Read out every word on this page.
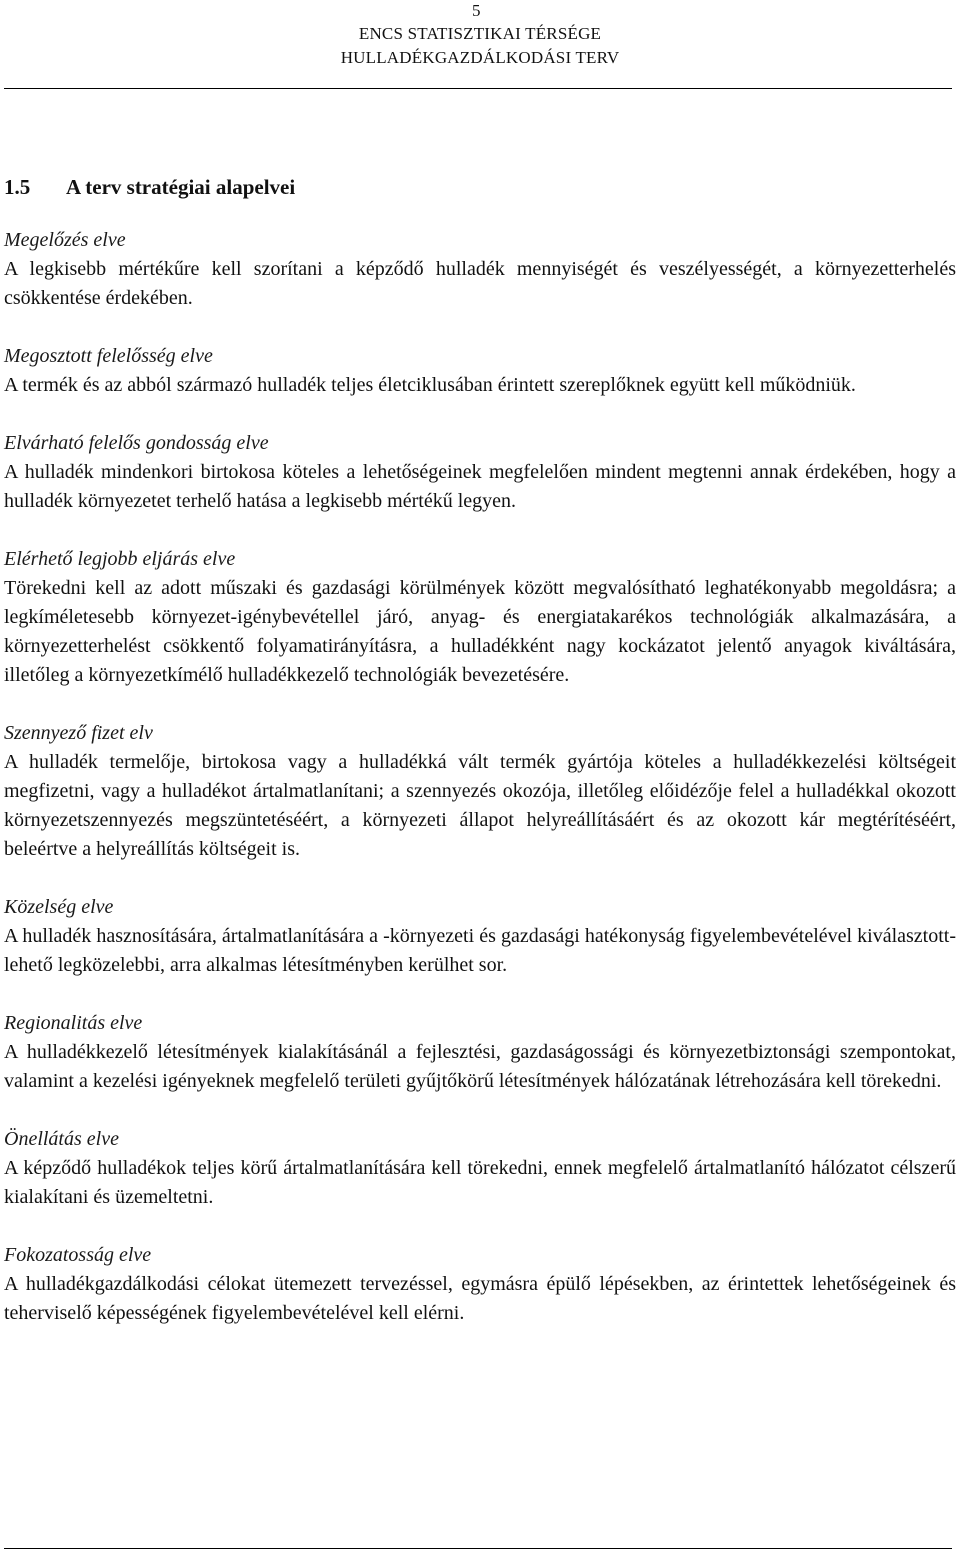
5
ENCS STATISZTIKAI TÉRSÉGE
HULLADÉKGAZDÁLKODÁSI TERV
1.5	A terv stratégiai alapelvei
Megelőzés elve
A legkisebb mértékűre kell szorítani a képződő hulladék mennyiségét és veszélyességét, a környezetterhelés csökkentése érdekében.
Megosztott felelősség elve
A termék és az abból származó hulladék teljes életciklusában érintett szereplőknek együtt kell működniük.
Elvárható felelős gondosság elve
A hulladék mindenkori birtokosa köteles a lehetőségeinek megfelelően mindent megtenni annak érdekében, hogy a hulladék környezetet terhelő hatása a legkisebb mértékű legyen.
Elérhető legjobb eljárás elve
Törekedni kell az adott műszaki és gazdasági körülmények között megvalósítható leghatékonyabb megoldásra; a legkíméletesebb környezet-igénybevétellel járó, anyag- és energiatakarékos technológiák alkalmazására, a környezetterhelést csökkentő folyamatirányításra, a hulladékként nagy kockázatot jelentő anyagok kiváltására, illetőleg a környezetkímélő hulladékkezelő technológiák bevezetésére.
Szennyező fizet elv
A hulladék termelője, birtokosa vagy a hulladékká vált termék gyártója köteles a hulladékkezelési költségeit megfizetni, vagy a hulladékot ártalmatlanítani; a szennyezés okozója, illetőleg előidézője felel a hulladékkal okozott környezetszennyezés megszüntetéséért, a környezeti állapot helyreállításáért és az okozott kár megtérítéséért, beleértve a helyreállítás költségeit is.
Közelség elve
A hulladék hasznosítására, ártalmatlanítására a -környezeti és gazdasági hatékonyság figyelembevételével kiválasztott- lehető legközelebbi, arra alkalmas létesítményben kerülhet sor.
Regionalitás elve
A hulladékkezelő létesítmények kialakításánál a fejlesztési, gazdaságossági és környezetbiztonsági szempontokat, valamint a kezelési igényeknek megfelelő területi gyűjtőkörű létesítmények hálózatának létrehozására kell törekedni.
Önellátás elve
A képződő hulladékok teljes körű ártalmatlanítására kell törekedni, ennek megfelelő ártalmatlanító hálózatot célszerű kialakítani és üzemeltetni.
Fokozatosság elve
A hulladékgazdálkodási célokat ütemezett tervezéssel, egymásra épülő lépésekben, az érintettek lehetőségeinek és teherviselő képességének figyelembevételével kell elérni.
